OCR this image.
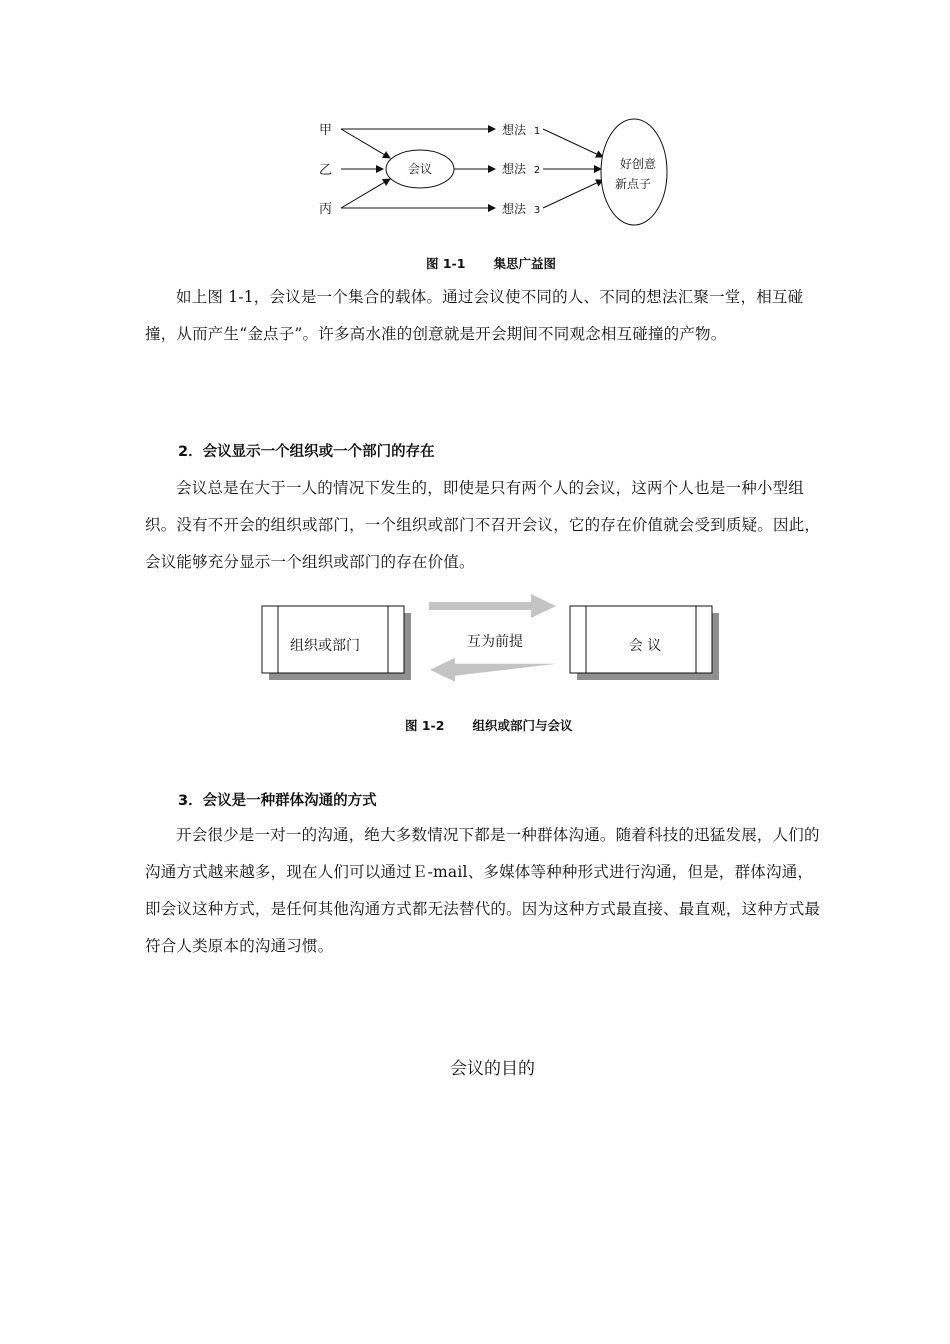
甲
乙
丙
会议
想法 1
想法 2
想法 3
好创意
新点子
图 1-1 集思广益图
如上图 1-1，会议是一个集合的载体。通过会议使不同的人、不同的想法汇聚一堂，相互碰撞，从而产生“金点子”。许多高水准的创意就是开会期间不同观念相互碰撞的产物。
2．会议显示一个组织或一个部门的存在
会议总是在大于一人的情况下发生的，即使是只有两个人的会议，这两个人也是一种小型组织。没有不开会的组织或部门，一个组织或部门不召开会议，它的存在价值就会受到质疑。因此，会议能够充分显示一个组织或部门的存在价值。
组织或部门	会 议
互为前提
图 1-2 组织或部门与会议
3．会议是一种群体沟通的方式
开会很少是一对一的沟通，绝大多数情况下都是一种群体沟通。随着科技的迅猛发展，人们的沟通方式越来越多，现在人们可以通过Ｅ-mail、多媒体等种种形式进行沟通，但是，群体沟通，即会议这种方式，是任何其他沟通方式都无法替代的。因为这种方式最直接、最直观，这种方式最符合人类原本的沟通习惯。
会议的目的
